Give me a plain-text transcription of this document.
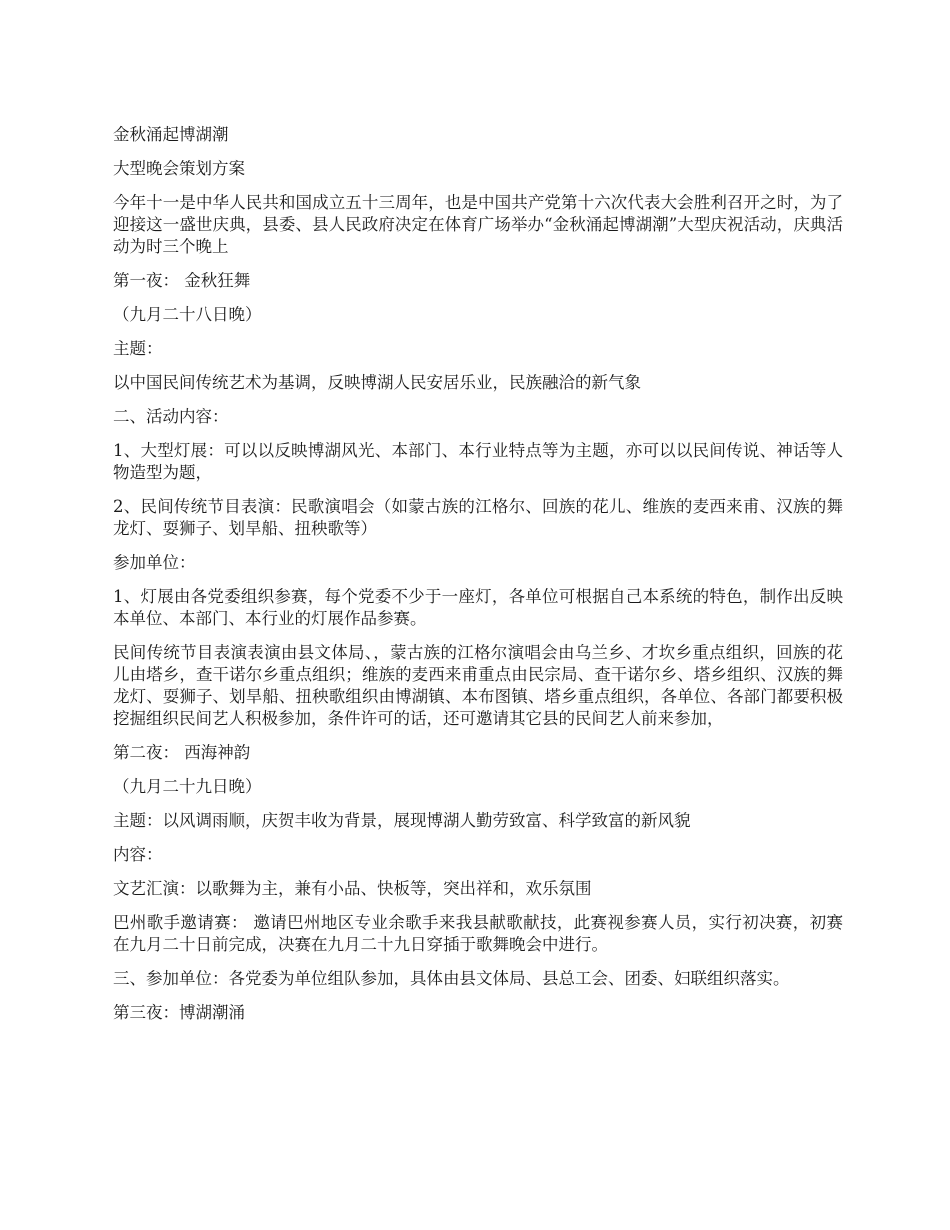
金秋涌起博湖潮

大型晚会策划方案

今年十一是中华人民共和国成立五十三周年，也是中国共产党第十六次代表大会胜利召开之时，为了迎接这一盛世庆典，县委、县人民政府决定在体育广场举办“金秋涌起博湖潮”大型庆祝活动，庆典活动为时三个晚上

第一夜： 金秋狂舞

（九月二十八日晚）

主题：

以中国民间传统艺术为基调，反映博湖人民安居乐业，民族融洽的新气象

二、活动内容：

1、大型灯展：可以以反映博湖风光、本部门、本行业特点等为主题，亦可以以民间传说、神话等人物造型为题，

2、民间传统节目表演：民歌演唱会（如蒙古族的江格尔、回族的花儿、维族的麦西来甫、汉族的舞龙灯、耍狮子、划旱船、扭秧歌等）

参加单位：

1、灯展由各党委组织参赛，每个党委不少于一座灯，各单位可根据自己本系统的特色，制作出反映本单位、本部门、本行业的灯展作品参赛。

民间传统节目表演表演由县文体局、，蒙古族的江格尔演唱会由乌兰乡、才坎乡重点组织，回族的花儿由塔乡，查干诺尔乡重点组织；维族的麦西来甫重点由民宗局、查干诺尔乡、塔乡组织、汉族的舞龙灯、耍狮子、划旱船、扭秧歌组织由博湖镇、本布图镇、塔乡重点组织，各单位、各部门都要积极挖掘组织民间艺人积极参加，条件许可的话，还可邀请其它县的民间艺人前来参加，

第二夜： 西海神韵

（九月二十九日晚）

主题：以风调雨顺，庆贺丰收为背景，展现博湖人勤劳致富、科学致富的新风貌

内容：

文艺汇演：以歌舞为主，兼有小品、快板等，突出祥和，欢乐氛围

巴州歌手邀请赛： 邀请巴州地区专业余歌手来我县献歌献技，此赛视参赛人员，实行初决赛，初赛在九月二十日前完成，决赛在九月二十九日穿插于歌舞晚会中进行。

三、参加单位：各党委为单位组队参加，具体由县文体局、县总工会、团委、妇联组织落实。

第三夜：博湖潮涌
